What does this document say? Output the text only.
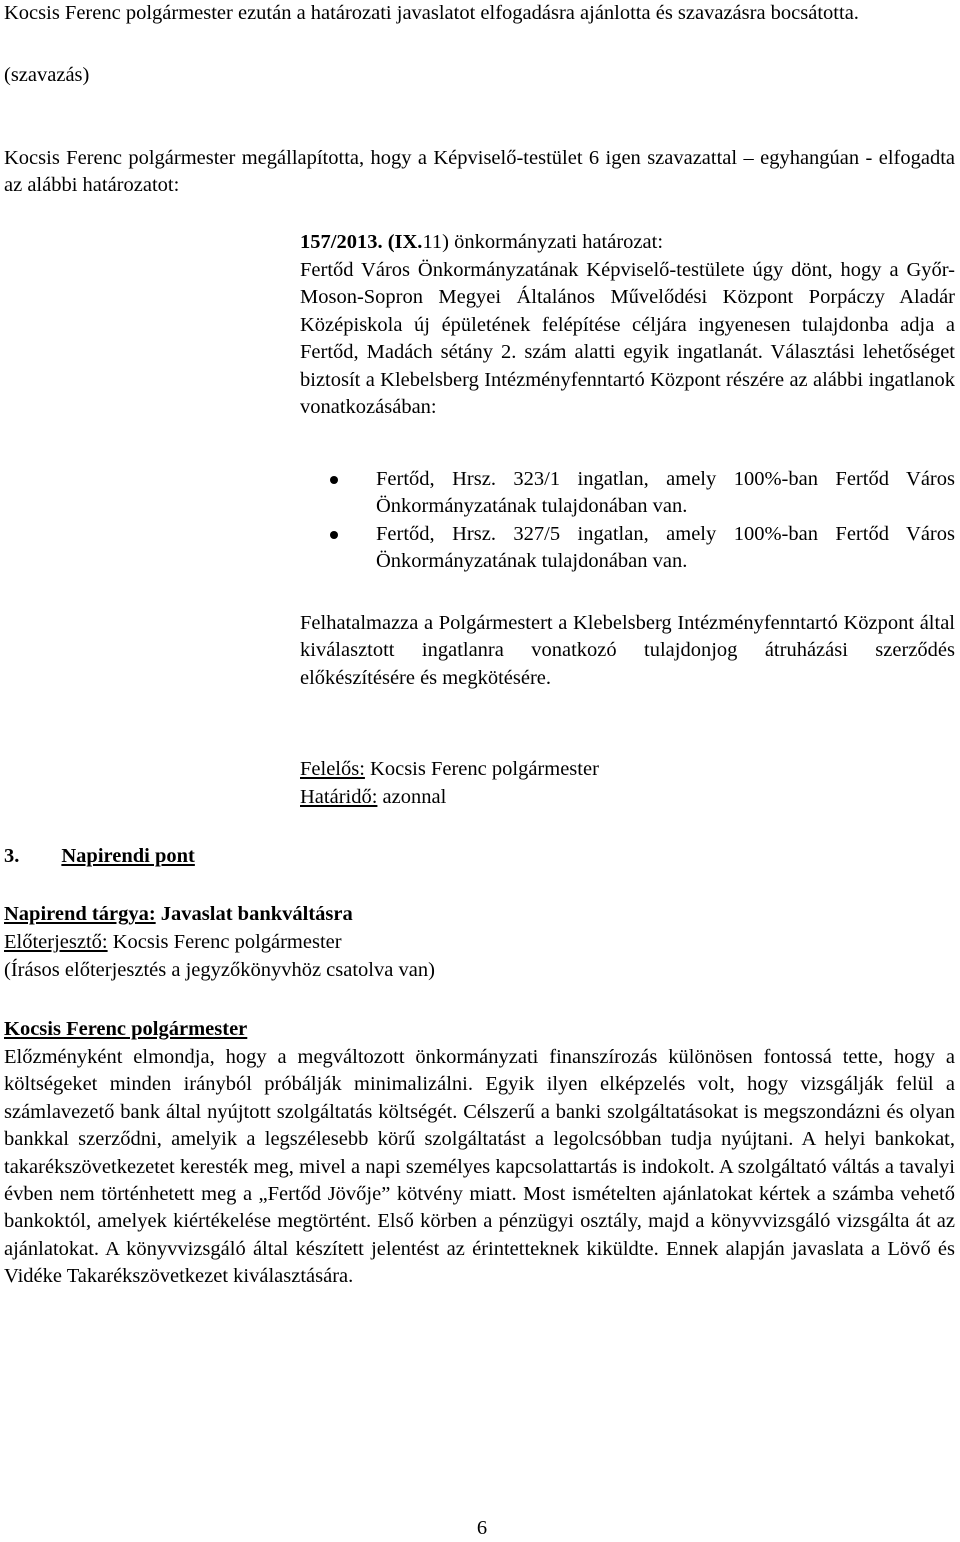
Kocsis Ferenc polgármester ezután a határozati javaslatot elfogadásra ajánlotta és szavazásra bocsátotta.

(szavazás)

Kocsis Ferenc polgármester megállapította, hogy a Képviselő-testület 6 igen szavazattal – egyhangúan - elfogadta az alábbi határozatot:

157/2013. (IX.11) önkormányzati határozat:

Fertőd Város Önkormányzatának Képviselő-testülete úgy dönt, hogy a Győr-Moson-Sopron Megyei Általános Művelődési Központ Porpáczy Aladár Középiskola új épületének felépítése céljára ingyenesen tulajdonba adja a Fertőd, Madách sétány 2. szám alatti egyik ingatlanát. Választási lehetőséget biztosít a Klebelsberg Intézményfenntartó Központ részére az alábbi ingatlanok vonatkozásában:

Fertőd, Hrsz. 323/1 ingatlan, amely 100%-ban Fertőd Város Önkormányzatának tulajdonában van.
Fertőd, Hrsz. 327/5 ingatlan, amely 100%-ban Fertőd Város Önkormányzatának tulajdonában van.

Felhatalmazza a Polgármestert a Klebelsberg Intézményfenntartó Központ által kiválasztott ingatlanra vonatkozó tulajdonjog átruházási szerződés előkészítésére és megkötésére.

Felelős: Kocsis Ferenc polgármester

Határidő: azonnal

3. Napirendi pont

Napirend tárgya: Javaslat bankváltásra

Előterjesztő: Kocsis Ferenc polgármester

(Írásos előterjesztés a jegyzőkönyvhöz csatolva van)

Kocsis Ferenc polgármester

Előzményként elmondja, hogy a megváltozott önkormányzati finanszírozás különösen fontossá tette, hogy a költségeket minden irányból próbálják minimalizálni. Egyik ilyen elképzelés volt, hogy vizsgálják felül a számlavezető bank által nyújtott szolgáltatás költségét. Célszerű a banki szolgáltatásokat is megszondázni és olyan bankkal szerződni, amelyik a legszélesebb körű szolgáltatást a legolcsóbban tudja nyújtani. A helyi bankokat, takarékszövetkezetet keresték meg, mivel a napi személyes kapcsolattartás is indokolt. A szolgáltató váltás a tavalyi évben nem történhetett meg a „Fertőd Jövője” kötvény miatt. Most ismételten ajánlatokat kértek a számba vehető bankoktól, amelyek kiértékelése megtörtént. Első körben a pénzügyi osztály, majd a könyvvizsgáló vizsgálta át az ajánlatokat. A könyvvizsgáló által készített jelentést az érintetteknek kiküldte. Ennek alapján javaslata a Lövő és Vidéke Takarékszövetkezet kiválasztására.

6
